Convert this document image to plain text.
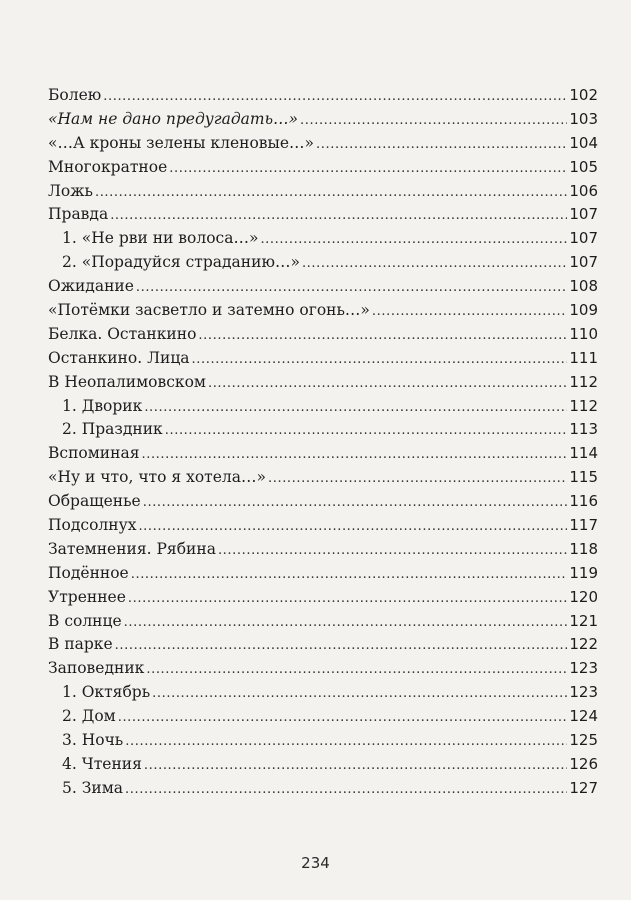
Болею .....	102
«Нам не дано предугадать…» .....	103
«…А кроны зелены кленовые…» .....	104
Многократное .....	105
Ложь .....	106
Правда .....	107
1. «Не рви ни волоса…» .....	107
2. «Порадуйся страданию…» .....	107
Ожидание .....	108
«Потёмки засветло и затемно огонь…» .....	109
Белка. Останкино .....	110
Останкино. Лица .....	111
В Неопалимовском .....	112
1. Дворик .....	112
2. Праздник .....	113
Вспоминая .....	114
«Ну и что, что я хотела…» .....	115
Обращенье .....	116
Подсолнух .....	117
Затемнения. Рябина .....	118
Подённое .....	119
Утреннее .....	120
В солнце .....	121
В парке .....	122
Заповедник .....	123
1. Октябрь .....	123
2. Дом .....	124
3. Ночь .....	125
4. Чтения .....	126
5. Зима .....	127
234
